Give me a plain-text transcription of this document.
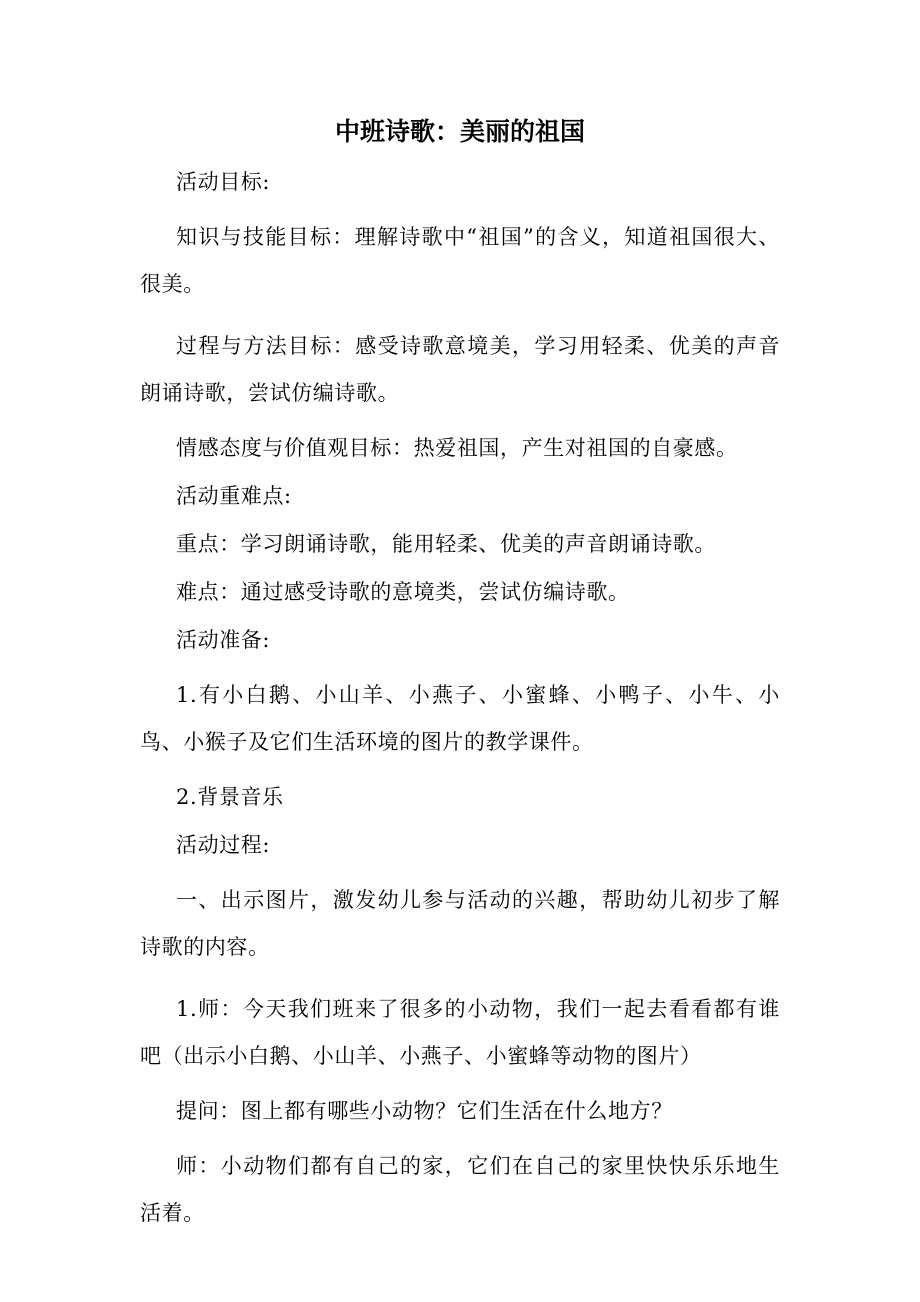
中班诗歌：美丽的祖国

活动目标:

知识与技能目标：理解诗歌中“祖国”的含义，知道祖国很大、很美。

过程与方法目标：感受诗歌意境美，学习用轻柔、优美的声音朗诵诗歌，尝试仿编诗歌。

情感态度与价值观目标：热爱祖国，产生对祖国的自豪感。

活动重难点:

重点：学习朗诵诗歌，能用轻柔、优美的声音朗诵诗歌。

难点：通过感受诗歌的意境类，尝试仿编诗歌。

活动准备:

1.有小白鹅、小山羊、小燕子、小蜜蜂、小鸭子、小牛、小鸟、小猴子及它们生活环境的图片的教学课件。

2.背景音乐

活动过程:

一、出示图片，激发幼儿参与活动的兴趣，帮助幼儿初步了解诗歌的内容。

1.师：今天我们班来了很多的小动物，我们一起去看看都有谁吧（出示小白鹅、小山羊、小燕子、小蜜蜂等动物的图片）

提问：图上都有哪些小动物？它们生活在什么地方？

师：小动物们都有自己的家，它们在自己的家里快快乐乐地生活着。
